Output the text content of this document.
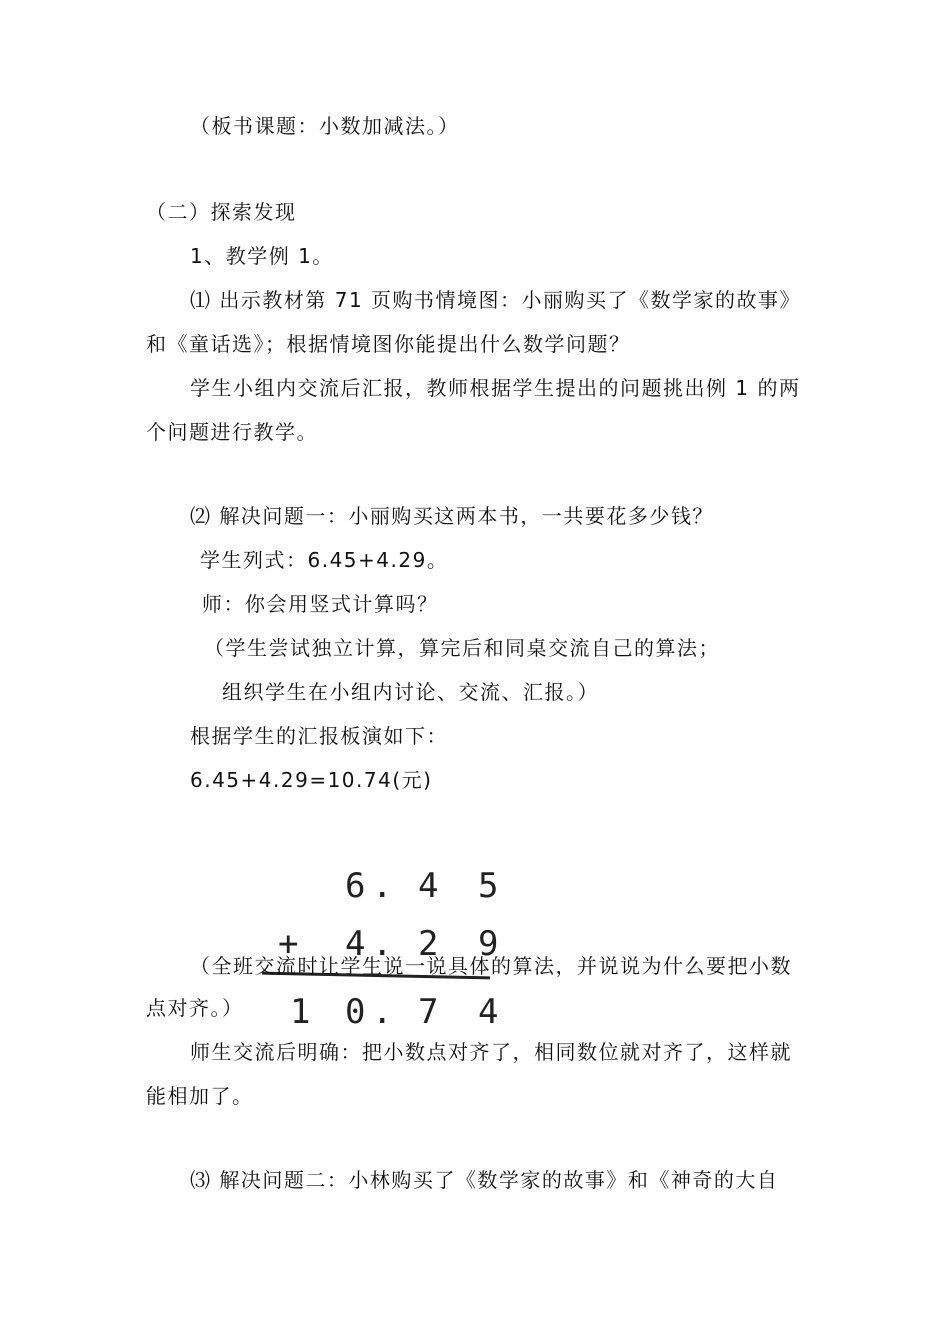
（板书课题：小数加减法。）
（二）探索发现
1、教学例 1。
⑴ 出示教材第 71 页购书情境图：小丽购买了《数学家的故事》
和《童话选》；根据情境图你能提出什么数学问题？
学生小组内交流后汇报，教师根据学生提出的问题挑出例 1 的两
个问题进行教学。
⑵ 解决问题一：小丽购买这两本书，一共要花多少钱？
学生列式：6.45+4.29。
师：你会用竖式计算吗？
（学生尝试独立计算，算完后和同桌交流自己的算法；
组织学生在小组内讨论、交流、汇报。）
根据学生的汇报板演如下：
6.45+4.29=10.74(元)
6 . 4 5
+ 4 . 2 9
1 0 . 7 4
（全班交流时让学生说一说具体的算法，并说说为什么要把小数
点对齐。）
师生交流后明确：把小数点对齐了，相同数位就对齐了，这样就
能相加了。
⑶ 解决问题二：小林购买了《数学家的故事》和《神奇的大自
